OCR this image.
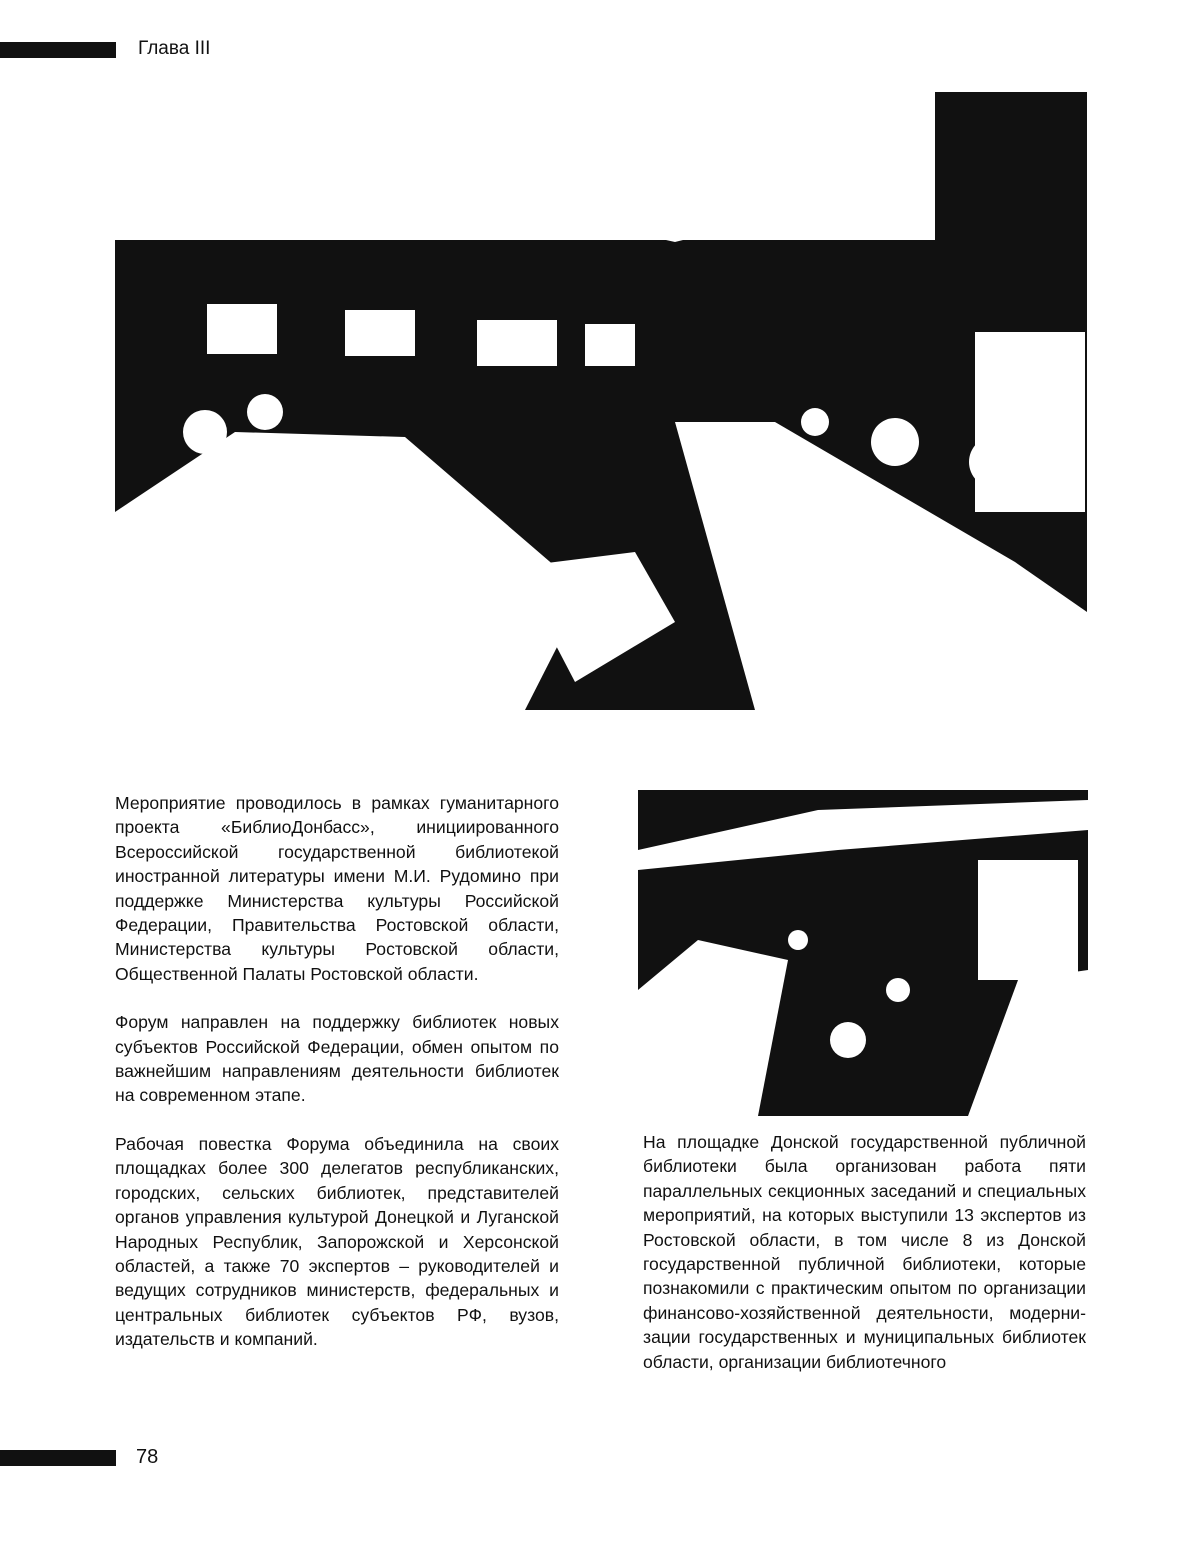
Глава III

Мероприятие проводилось в рамках гуманитарного проекта «БиблиоДонбасс», инициированного Всероссийской государственной библиотекой иностранной литературы имени М.И. Рудомино при поддержке Министерства культуры Российской Федерации, Правительства Ростовской области, Министерства культуры Ростовской области, Общественной Палаты Ростовской области.

Форум направлен на поддержку библиотек новых субъектов Российской Федерации, обмен опытом по важнейшим направлениям деятельности библиотек на современном этапе.

Рабочая повестка Форума объединила на своих площадках более 300 делегатов республиканских, городских, сельских библиотек, представителей органов управления культурой Донецкой и Луганской Народных Республик, Запорожской и Херсонской областей, а также 70 экспертов – руководителей и ведущих сотрудников министерств, федеральных и центральных библиотек субъектов РФ, вузов, издательств и компаний.

На площадке Донской государственной публичной библиотеки была организован работа пяти параллельных секционных заседаний и специальных мероприятий, на которых выступили 13 экспертов из Ростовской области, в том числе 8 из Донской государственной публичной библиотеки, которые познакомили с практическим опытом по организации финансово-хозяйственной деятельности, модернизации государственных и муниципальных библиотек области, организации библиотечного

78
